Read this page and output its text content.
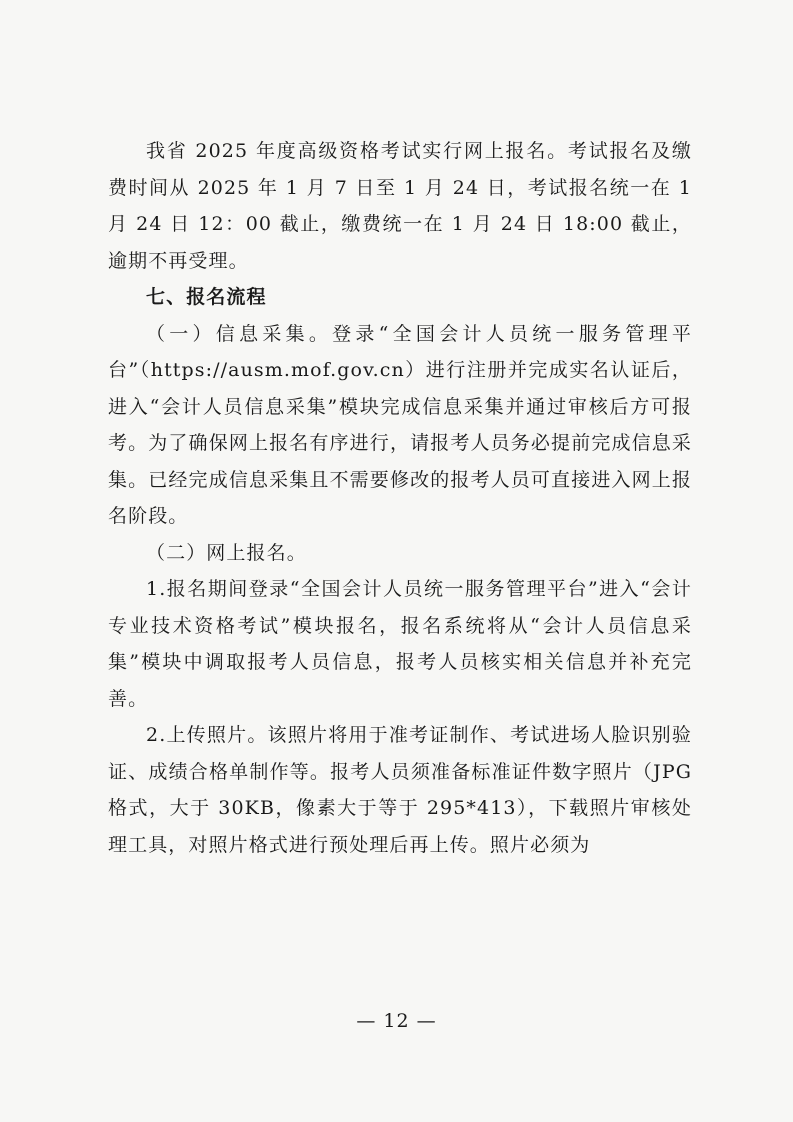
我省 2025 年度高级资格考试实行网上报名。考试报名及缴费时间从 2025 年 1 月 7 日至 1 月 24 日，考试报名统一在 1 月 24 日 12：00 截止，缴费统一在 1 月 24 日 18:00 截止，逾期不再受理。

七、报名流程

（一）信息采集。登录“全国会计人员统一服务管理平台”（https://ausm.mof.gov.cn）进行注册并完成实名认证后，进入“会计人员信息采集”模块完成信息采集并通过审核后方可报考。为了确保网上报名有序进行，请报考人员务必提前完成信息采集。已经完成信息采集且不需要修改的报考人员可直接进入网上报名阶段。

（二）网上报名。

1.报名期间登录“全国会计人员统一服务管理平台”进入“会计专业技术资格考试”模块报名，报名系统将从“会计人员信息采集”模块中调取报考人员信息，报考人员核实相关信息并补充完善。

2.上传照片。该照片将用于准考证制作、考试进场人脸识别验证、成绩合格单制作等。报考人员须准备标准证件数字照片（JPG 格式，大于 30KB，像素大于等于 295*413），下载照片审核处理工具，对照片格式进行预处理后再上传。照片必须为

— 12 —
